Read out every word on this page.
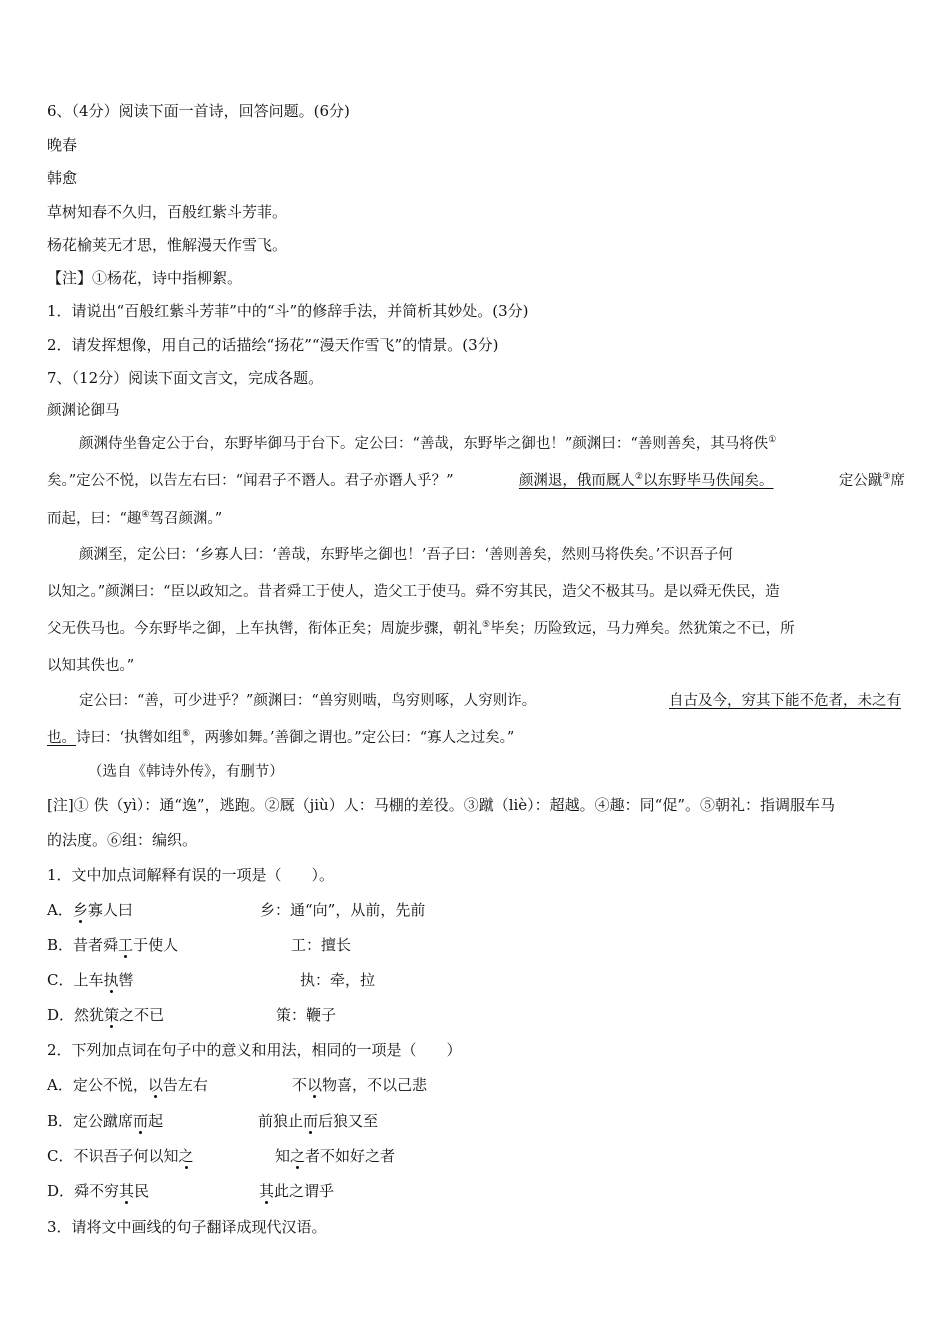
6、（4分）阅读下面一首诗，回答问题。(6分)
晚春
韩愈
草树知春不久归，百般红紫斗芳菲。
杨花榆荚无才思，惟解漫天作雪飞。
【注】①杨花，诗中指柳絮。
1．请说出“百般红紫斗芳菲”中的“斗”的修辞手法，并简析其妙处。(3分)
2．请发挥想像，用自己的话描绘“扬花”“漫天作雪飞”的情景。(3分)
7、（12分）阅读下面文言文，完成各题。
颜渊论御马
颜渊侍坐鲁定公于台，东野毕御马于台下。定公曰：“善哉，东野毕之御也！”颜渊曰：“善则善矣，其马将佚①
矣。”定公不悦，以告左右曰：“闻君子不谮人。君子亦谮人乎？”	颜渊退，俄而厩人②以东野毕马佚闻矣。	定公蹴③席
而起，曰：“趣④驾召颜渊。”
颜渊至，定公曰：‘乡寡人曰：‘善哉，东野毕之御也！’吾子曰：‘善则善矣，然则马将佚矣。’不识吾子何
以知之。”颜渊曰：“臣以政知之。昔者舜工于使人，造父工于使马。舜不穷其民，造父不极其马。是以舜无佚民，造
父无佚马也。今东野毕之御，上车执辔，衔体正矣；周旋步骤，朝礼⑤毕矣；历险致远，马力殚矣。然犹策之不已，所
以知其佚也。”
定公曰：“善，可少进乎？”颜渊曰：“兽穷则啮，鸟穷则啄，人穷则诈。	自古及今，穷其下能不危者，未之有
也。诗曰：‘执辔如组⑥，两骖如舞。’善御之谓也。”定公曰：“寡人之过矣。”
（选自《韩诗外传》，有删节）
[注]① 佚（yì）：通“逸”，逃跑。②厩（jiù）人：马棚的差役。③蹴（liè）：超越。④趣：同“促”。⑤朝礼：指调服车马
的法度。⑥组：编织。
1．文中加点词解释有误的一项是（　　）。
A．乡寡人曰	乡：通“向”，从前，先前
B．昔者舜工于使人	工：擅长
C．上车执辔	执：牵，拉
D．然犹策之不已	策：鞭子
2．下列加点词在句子中的意义和用法，相同的一项是（　　）
A．定公不悦，以告左右	不以物喜，不以己悲
B．定公蹴席而起	前狼止而后狼又至
C．不识吾子何以知之	知之者不如好之者
D．舜不穷其民	其此之谓乎
3．请将文中画线的句子翻译成现代汉语。
